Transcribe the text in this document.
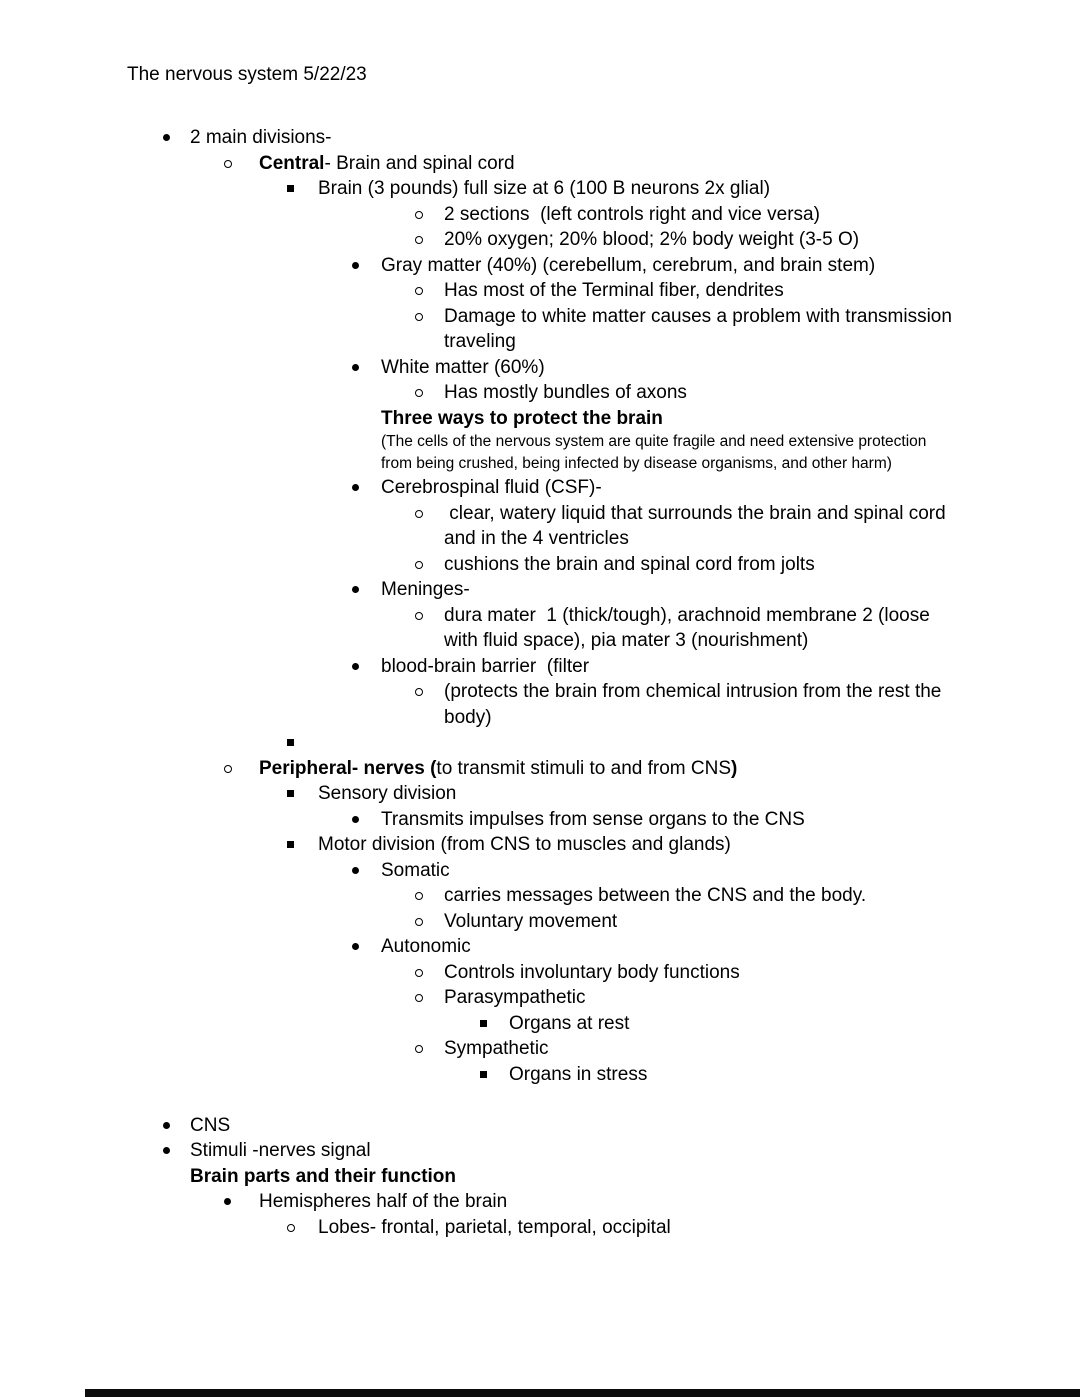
The nervous system 5/22/23
2 main divisions-
Central- Brain and spinal cord
Brain (3 pounds) full size at 6 (100 B neurons 2x glial)
2 sections  (left controls right and vice versa)
20% oxygen; 20% blood; 2% body weight (3-5 O)
Gray matter (40%) (cerebellum, cerebrum, and brain stem)
Has most of the Terminal fiber, dendrites
Damage to white matter causes a problem with transmission traveling
White matter (60%)
Has mostly bundles of axons
Three ways to protect the brain
(The cells of the nervous system are quite fragile and need extensive protection from being crushed, being infected by disease organisms, and other harm)
Cerebrospinal fluid (CSF)-
clear, watery liquid that surrounds the brain and spinal cord and in the 4 ventricles
cushions the brain and spinal cord from jolts
Meninges-
dura mater  1 (thick/tough), arachnoid membrane 2 (loose with fluid space), pia mater 3 (nourishment)
blood-brain barrier  (filter
(protects the brain from chemical intrusion from the rest the body)
Peripheral- nerves (to transmit stimuli to and from CNS)
Sensory division
Transmits impulses from sense organs to the CNS
Motor division (from CNS to muscles and glands)
Somatic
carries messages between the CNS and the body.
Voluntary movement
Autonomic
Controls involuntary body functions
Parasympathetic
Organs at rest
Sympathetic
Organs in stress
CNS
Stimuli -nerves signal
Brain parts and their function
Hemispheres half of the brain
Lobes- frontal, parietal, temporal, occipital
